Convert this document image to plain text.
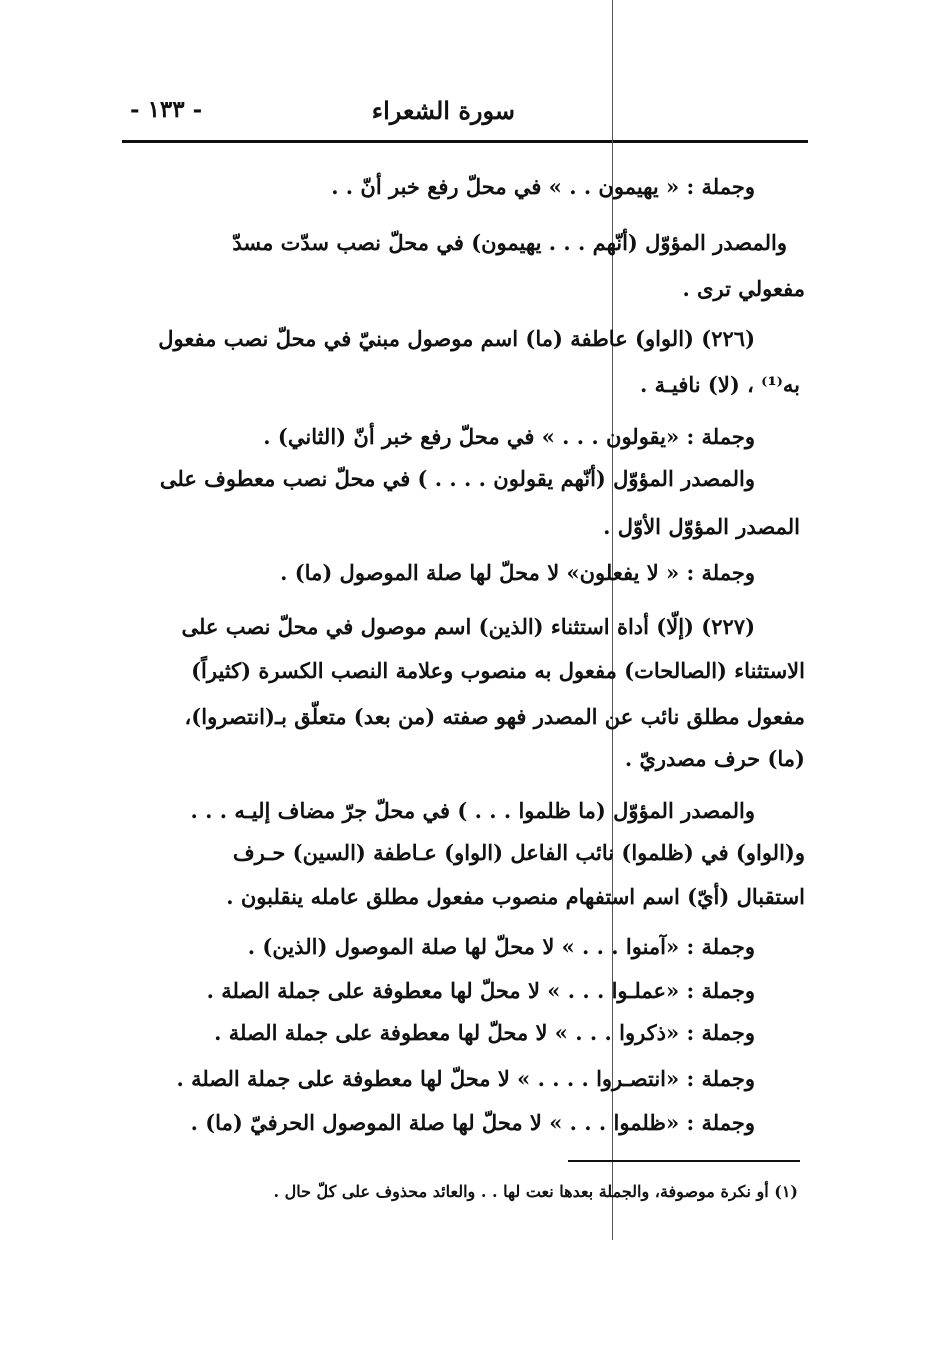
سورة الشعراء
- ١٣٣ -
وجملة : « يهيمون . . » في محلّ رفع خبر أنّ . .
والمصدر المؤوّل (أنّهم . . . يهيمون) في محلّ نصب سدّت مسدّ
مفعولي ترى .
(٢٢٦) (الواو) عاطفة (ما) اسم موصول مبنيّ في محلّ نصب مفعول
به⁽¹⁾ ، (لا) نافيـة .
وجملة : «يقولون . . . » في محلّ رفع خبر أنّ (الثاني) .
والمصدر المؤوّل (أنّهم يقولون . . . . ) في محلّ نصب معطوف على
المصدر المؤوّل الأوّل .
وجملة : « لا يفعلون» لا محلّ لها صلة الموصول (ما) .
(٢٢٧) (إلّا) أداة استثناء (الذين) اسم موصول في محلّ نصب على
الاستثناء (الصالحات) مفعول به منصوب وعلامة النصب الكسرة (كثيراً)
مفعول مطلق نائب عن المصدر فهو صفته (من بعد) متعلّق بـ(انتصروا)،
(ما) حرف مصدريّ .
والمصدر المؤوّل (ما ظلموا . . . ) في محلّ جرّ مضاف إليـه . . .
و(الواو) في (ظلموا) نائب الفاعل (الواو) عـاطفة (السين) حـرف
استقبال (أيّ) اسم استفهام منصوب مفعول مطلق عامله ينقلبون .
وجملة : «آمنوا . . . » لا محلّ لها صلة الموصول (الذين) .
وجملة : «عملـوا . . . » لا محلّ لها معطوفة على جملة الصلة .
وجملة : «ذكروا . . . » لا محلّ لها معطوفة على جملة الصلة .
وجملة : «انتصـروا . . . . » لا محلّ لها معطوفة على جملة الصلة .
وجملة : «ظلموا . . . » لا محلّ لها صلة الموصول الحرفيّ (ما) .
(١) أو نكرة موصوفة، والجملة بعدها نعت لها . . والعائد محذوف على كلّ حال .
